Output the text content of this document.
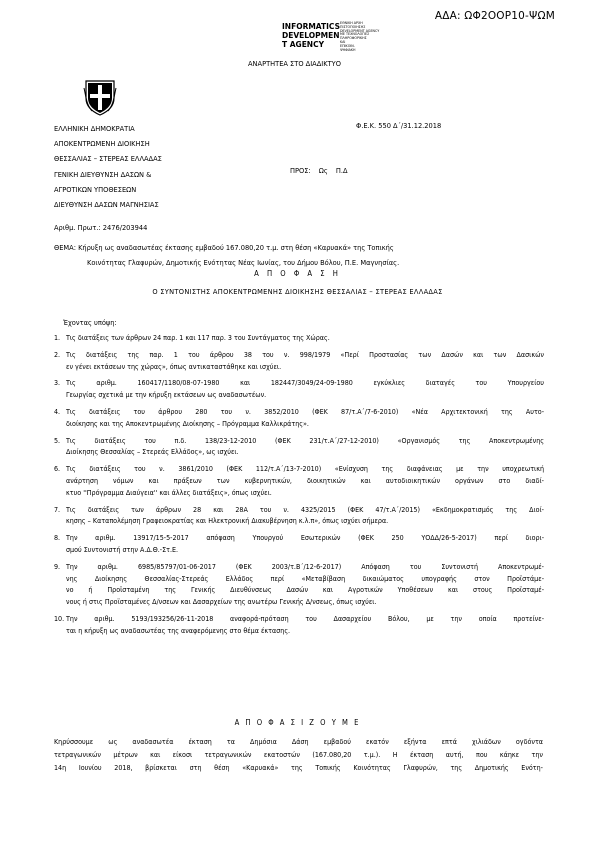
ΑΔΑ: ΩΦ2ΟΟΡ10-ΨΩΜ
INFORMATICS
DEVELOPMEN
T AGENCY
ΕΘΝΙΚΗ ΑΡΧΗ
ΠΙΣΤΟΠΟΙΗΣΗΣ
DEVELOPMENT AGENCY
ΜΕ ΤΕΧΝΟΛΟΓΙΕΣ
ΠΛΗΡΟΦΟΡΙΚΗΣ
ΚΑΙ
ΕΠΙΚΟΙΝ.
ΨΗΦΙΑΚΗ
ΑΝΑΡΤΗΤΕΑ ΣΤΟ ΔΙΑΔΙΚΤΥΟ
ΕΛΛΗΝΙΚΗ ΔΗΜΟΚΡΑΤΙΑ
ΑΠΟΚΕΝΤΡΩΜΕΝΗ ΔΙΟΙΚΗΣΗ
ΘΕΣΣΑΛΙΑΣ – ΣΤΕΡΕΑΣ ΕΛΛΑΔΑΣ
ΓΕΝΙΚΗ ΔΙΕΥΘΥΝΣΗ ΔΑΣΩΝ &
ΑΓΡΟΤΙΚΩΝ ΥΠΟΘΕΣΕΩΝ
ΔΙΕΥΘΥΝΣΗ ΔΑΣΩΝ ΜΑΓΝΗΣΙΑΣ
Φ.Ε.Κ. 550 Δ΄/31.12.2018
ΠΡΟΣ: Ως Π.Δ
Αριθμ. Πρωτ.: 2476/203944
ΘΕΜΑ: Κήρυξη ως αναδασωτέας έκτασης εμβαδού 167.080,20 τ.μ. στη θέση «Καρυακά» της Τοπικής
Κοινότητας Γλαφυρών, Δημοτικής Ενότητας Νέας Ιωνίας, του Δήμου Βόλου, Π.Ε. Μαγνησίας.
Α Π Ο Φ Α Σ Η
Ο ΣΥΝΤΟΝΙΣΤΗΣ ΑΠΟΚΕΝΤΡΩΜΕΝΗΣ ΔΙΟΙΚΗΣΗΣ ΘΕΣΣΑΛΙΑΣ – ΣΤΕΡΕΑΣ ΕΛΛΑΔΑΣ
Έχοντας υπόψη:
1. Τις διατάξεις των άρθρων 24 παρ. 1 και 117 παρ. 3 του Συντάγματος της Χώρας.
2. Τις διατάξεις της παρ. 1 του άρθρου 38 του ν. 998/1979 «Περί Προστασίας των Δασών και των Δασικών
εν γένει εκτάσεων της χώρας», όπως αντικαταστάθηκε και ισχύει.
3. Τις αριθμ. 160417/1180/08-07-1980 και 182447/3049/24-09-1980 εγκύκλιες διαταγές του Υπουργείου
Γεωργίας σχετικά με την κήρυξη εκτάσεων ως αναδασωτέων.
4. Τις διατάξεις του άρθρου 280 του ν. 3852/2010 (ΦΕΚ 87/τ.Α΄/7-6-2010) «Νέα Αρχιτεκτονική της Αυτο-
διοίκησης και της Αποκεντρωμένης Διοίκησης – Πρόγραμμα Καλλικράτης».
5. Τις διατάξεις του π.δ. 138/23-12-2010 (ΦΕΚ 231/τ.Α΄/27-12-2010) «Οργανισμός της Αποκεντρωμένης
Διοίκησης Θεσσαλίας – Στερεάς Ελλάδος», ως ισχύει.
6. Τις διατάξεις του ν. 3861/2010 (ΦΕΚ 112/τ.Α΄/13-7-2010) «Ενίσχυση της διαφάνειας με την υποχρεωτική
ανάρτηση νόμων και πράξεων των κυβερνητικών, διοικητικών και αυτοδιοικητικών οργάνων στο διαδί-
κτυο ''Πρόγραμμα Διαύγεια'' και άλλες διατάξεις», όπως ισχύει.
7. Τις διατάξεις των άρθρων 28 και 28Α του ν. 4325/2015 (ΦΕΚ 47/τ.Α΄/2015) «Εκδημοκρατισμός της Διοί-
κησης – Καταπολέμηση Γραφειοκρατίας και Ηλεκτρονική Διακυβέρνηση κ.λ.π», όπως ισχύει σήμερα.
8. Την αριθμ. 13917/15-5-2017 απόφαση Υπουργού Εσωτερικών (ΦΕΚ 250 ΥΟΔΔ/26-5-2017) περί διορι-
σμού Συντονιστή στην Α.Δ.Θ.-Στ.Ε.
9. Την αριθμ. 6985/85797/01-06-2017 (ΦΕΚ 2003/τ.Β΄/12-6-2017) Απόφαση του Συντονιστή Αποκεντρωμέ-
νης Διοίκησης Θεσσαλίας-Στερεάς Ελλάδος περί «Μεταβίβαση δικαιώματος υπογραφής στον Προϊστάμε-
νο ή Προϊσταμένη της Γενικής Διευθύνσεως Δασών και Αγροτικών Υποθέσεων και στους Προϊσταμέ-
νους ή στις Προϊσταμένες Δ/νσεων και Δασαρχείων της ανωτέρω Γενικής Δ/νσεως, όπως ισχύει.
10. Την αριθμ. 5193/193256/26-11-2018 αναφορά-πρόταση του Δασαρχείου Βόλου, με την οποία προτείνε-
ται η κήρυξη ως αναδασωτέας της αναφερόμενης στο θέμα έκτασης.
Α Π Ο Φ Α Σ Ι Ζ Ο Υ Μ Ε
Κηρύσσουμε ως αναδασωτέα έκταση τα Δημόσια Δάση εμβαδού εκατόν εξήντα επτά χιλιάδων ογδόντα
τετραγωνικών μέτρων και είκοσι τετραγωνικών εκατοστών (167.080,20 τ.μ.). Η έκταση αυτή, που κάηκε την
14η Ιουνίου 2018, βρίσκεται στη θέση «Καρυακά» της Τοπικής Κοινότητας Γλαφυρών, της Δημοτικής Ενότη-
